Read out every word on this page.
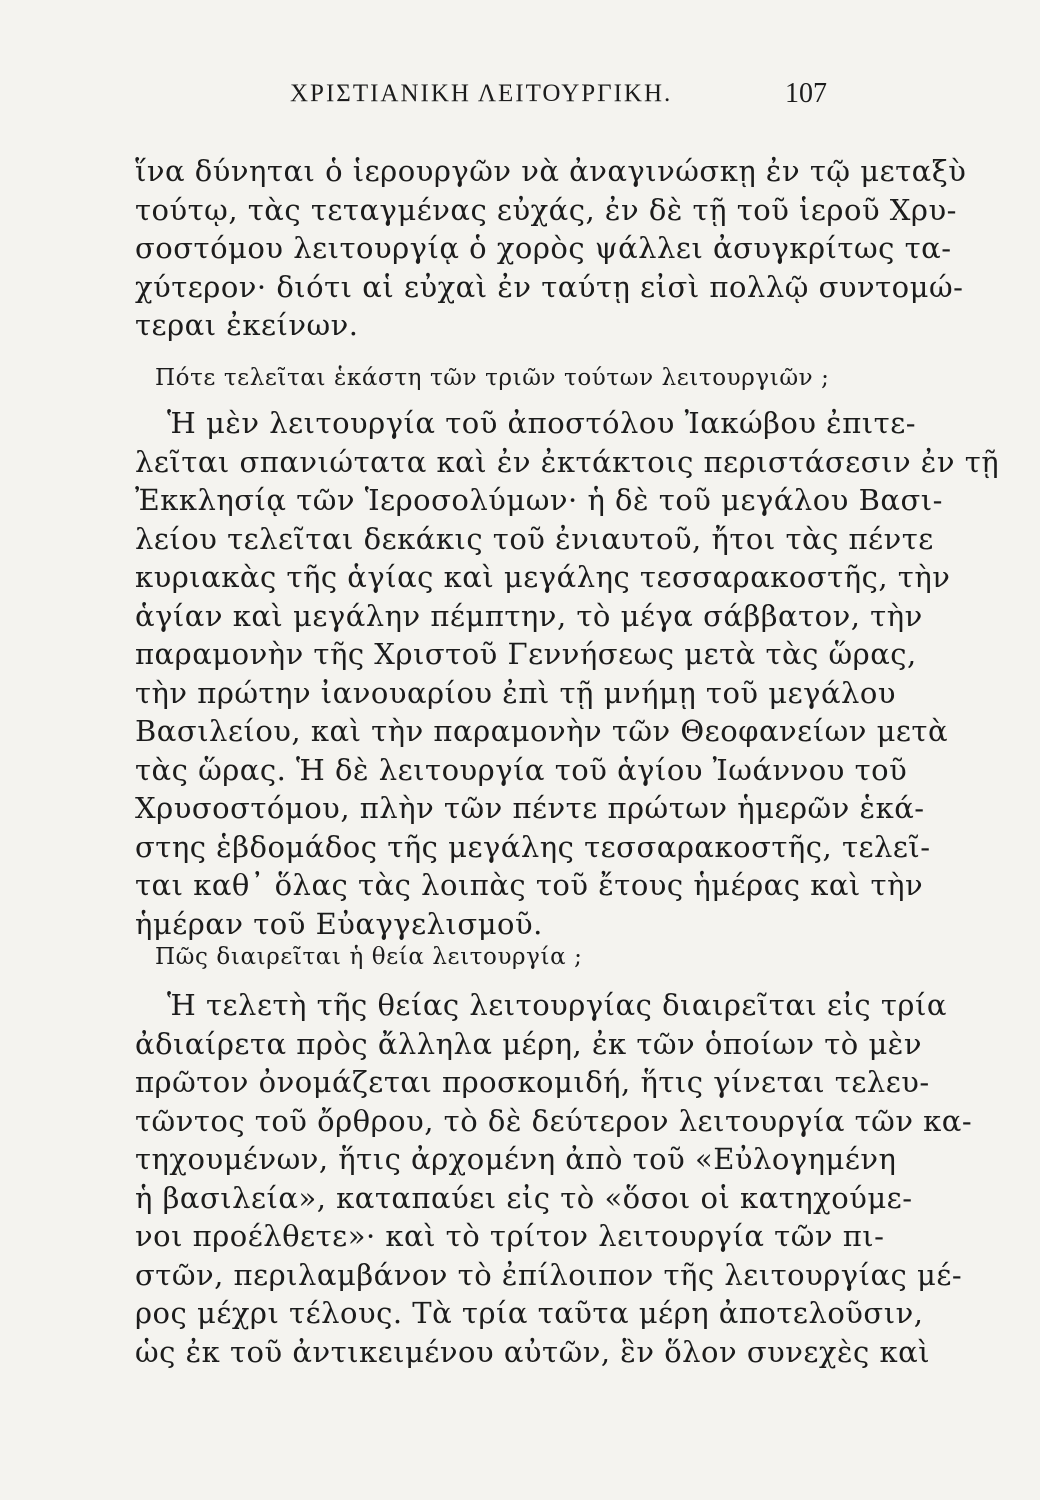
ΧΡΙΣΤΙΑΝΙΚΗ ΛΕΙΤΟΥΡΓΙΚΗ.	107
ἵνα δύνηται ὁ ἱερουργῶν νὰ ἀναγινώσκῃ ἐν τῷ μεταξὺ
τούτῳ, τὰς τεταγμένας εὐχάς, ἐν δὲ τῇ τοῦ ἱεροῦ Χρυ-
σοστόμου λειτουργίᾳ ὁ χορὸς ψάλλει ἀσυγκρίτως τα-
χύτερον· διότι αἱ εὐχαὶ ἐν ταύτῃ εἰσὶ πολλῷ συντομώ-
τεραι ἐκείνων.
Πότε τελεῖται ἑκάστη τῶν τριῶν τούτων λειτουργιῶν ;
Ἡ μὲν λειτουργία τοῦ ἀποστόλου Ἰακώβου ἐπιτε-
λεῖται σπανιώτατα καὶ ἐν ἐκτάκτοις περιστάσεσιν ἐν τῇ
Ἐκκλησίᾳ τῶν Ἱεροσολύμων· ἡ δὲ τοῦ μεγάλου Βασι-
λείου τελεῖται δεκάκις τοῦ ἐνιαυτοῦ, ἤτοι τὰς πέντε
κυριακὰς τῆς ἁγίας καὶ μεγάλης τεσσαρακοστῆς, τὴν
ἁγίαν καὶ μεγάλην πέμπτην, τὸ μέγα σάββατον, τὴν
παραμονὴν τῆς Χριστοῦ Γεννήσεως μετὰ τὰς ὥρας,
τὴν πρώτην ἰανουαρίου ἐπὶ τῇ μνήμῃ τοῦ μεγάλου
Βασιλείου, καὶ τὴν παραμονὴν τῶν Θεοφανείων μετὰ
τὰς ὥρας. Ἡ δὲ λειτουργία τοῦ ἁγίου Ἰωάννου τοῦ
Χρυσοστόμου, πλὴν τῶν πέντε πρώτων ἡμερῶν ἑκά-
στης ἑβδομάδος τῆς μεγάλης τεσσαρακοστῆς, τελεῖ-
ται καθ᾽ ὅλας τὰς λοιπὰς τοῦ ἔτους ἡμέρας καὶ τὴν
ἡμέραν τοῦ Εὐαγγελισμοῦ.
Πῶς διαιρεῖται ἡ θεία λειτουργία ;
Ἡ τελετὴ τῆς θείας λειτουργίας διαιρεῖται εἰς τρία
ἀδιαίρετα πρὸς ἄλληλα μέρη, ἐκ τῶν ὁποίων τὸ μὲν
πρῶτον ὀνομάζεται προσκομιδή, ἥτις γίνεται τελευ-
τῶντος τοῦ ὄρθρου, τὸ δὲ δεύτερον λειτουργία τῶν κα-
τηχουμένων, ἥτις ἀρχομένη ἀπὸ τοῦ «Εὐλογημένη
ἡ βασιλεία», καταπαύει εἰς τὸ «ὅσοι οἱ κατηχούμε-
νοι προέλθετε»· καὶ τὸ τρίτον λειτουργία τῶν πι-
στῶν, περιλαμβάνον τὸ ἐπίλοιπον τῆς λειτουργίας μέ-
ρος μέχρι τέλους. Τὰ τρία ταῦτα μέρη ἀποτελοῦσιν,
ὡς ἐκ τοῦ ἀντικειμένου αὐτῶν, ἓν ὅλον συνεχὲς καὶ
